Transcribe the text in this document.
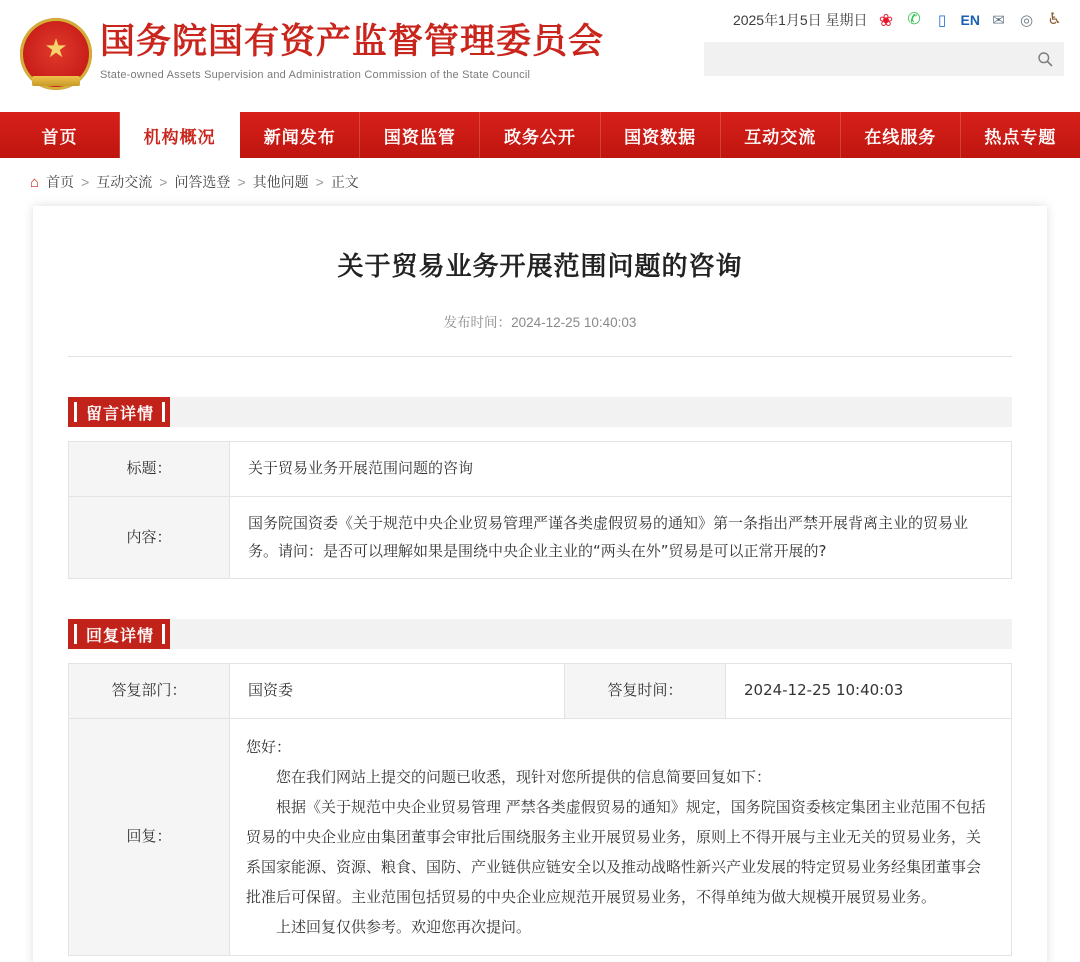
★ 国务院国有资产监督管理委员会
State-owned Assets Supervision and Administration Commission of the State Council
2025年1月5日 星期日 ❀ ✆	▯	EN ✉ ◎ ♿
首页	机构概况	新闻发布	国资监管	政务公开	国资数据	互动交流	在线服务	热点专题
⌂ 首页 > 互动交流 > 问答选登 > 其他问题 > 正文
关于贸易业务开展范围问题的咨询
发布时间：2024-12-25 10:40:03
留言详情
标题：	关于贸易业务开展范围问题的咨询
内容：	国务院国资委《关于规范中央企业贸易管理严谨各类虚假贸易的通知》第一条指出严禁开展背离主业的贸易业务。请问：是否可以理解如果是围绕中央企业主业的“两头在外”贸易是可以正常开展的?
回复详情
答复部门：	国资委	答复时间：	2024-12-25 10:40:03
回复：	您好：

您在我们网站上提交的问题已收悉，现针对您所提供的信息简要回复如下：

根据《关于规范中央企业贸易管理 严禁各类虚假贸易的通知》规定，国务院国资委核定集团主业范围不包括贸易的中央企业应由集团董事会审批后围绕服务主业开展贸易业务，原则上不得开展与主业无关的贸易业务，关系国家能源、资源、粮食、国防、产业链供应链安全以及推动战略性新兴产业发展的特定贸易业务经集团董事会批准后可保留。主业范围包括贸易的中央企业应规范开展贸易业务，不得单纯为做大规模开展贸易业务。

上述回复仅供参考。欢迎您再次提问。		
